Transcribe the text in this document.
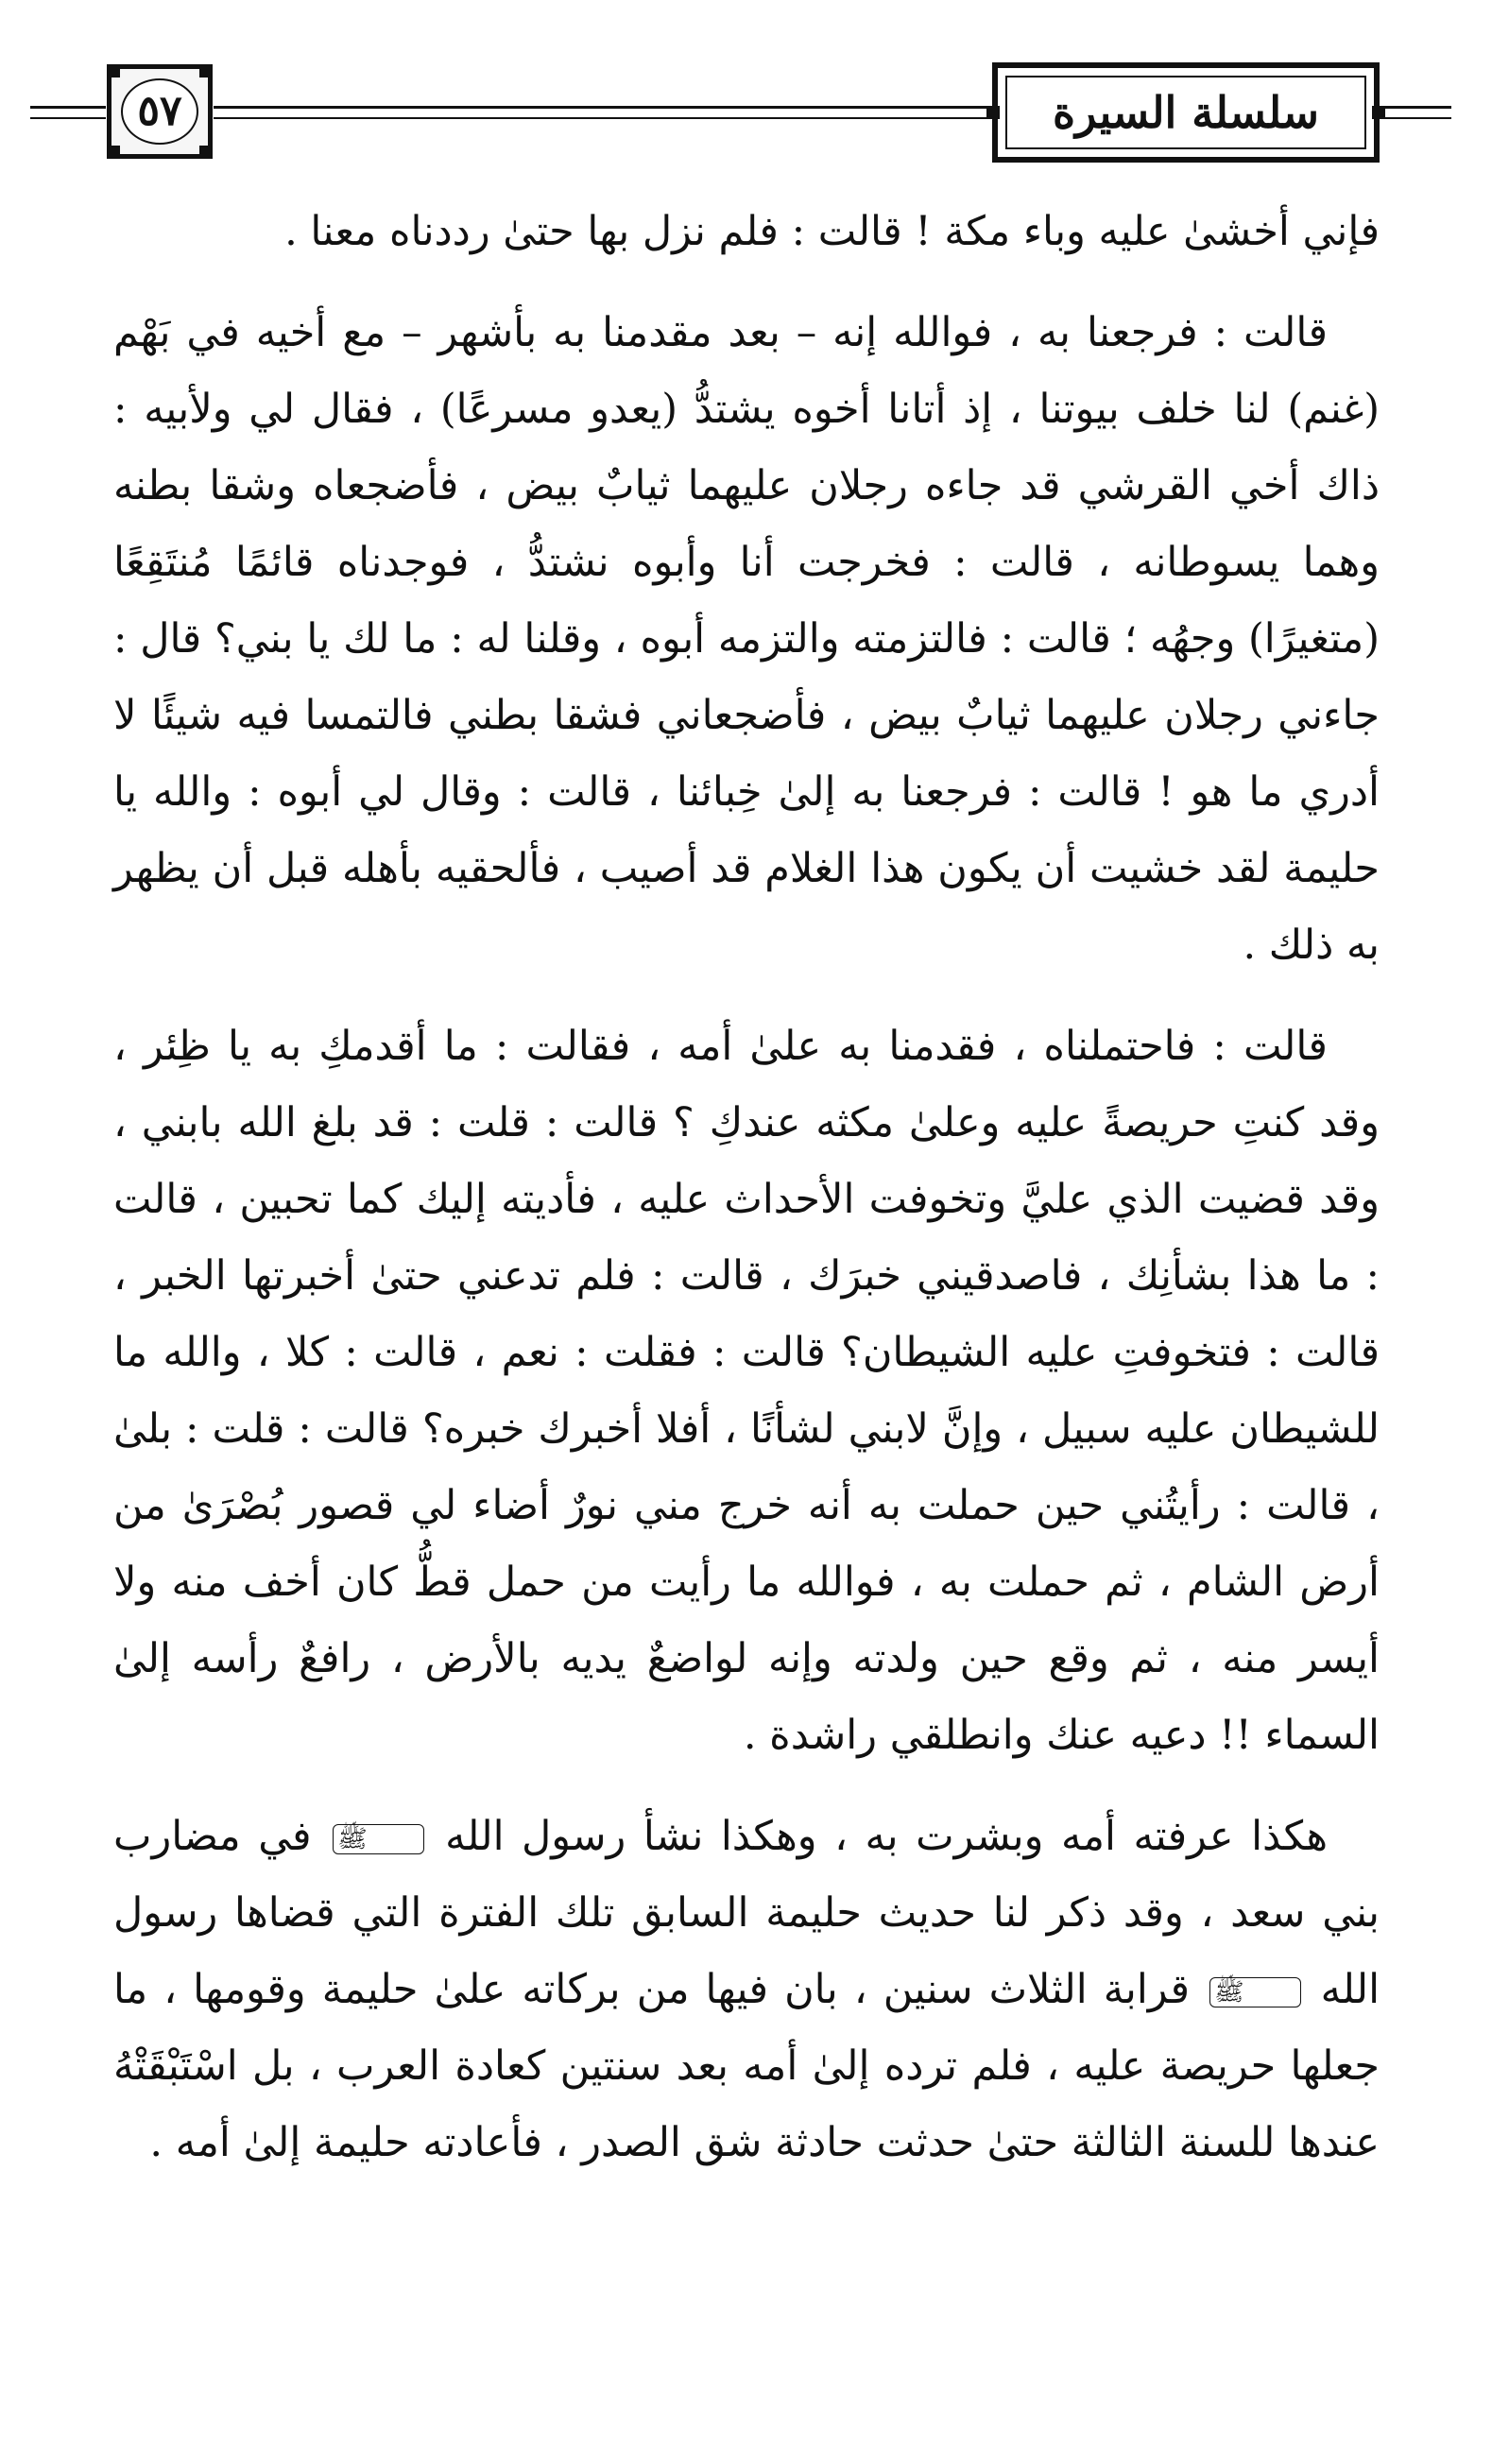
٥٧	سلسلة السيرة

فإني أخشىٰ عليه وباء مكة ! قالت : فلم نزل بها حتىٰ رددناه معنا .

قالت : فرجعنا به ، فوالله إنه – بعد مقدمنا به بأشهر – مع أخيه في بَهْم (غنم) لنا خلف بيوتنا ، إذ أتانا أخوه يشتدُّ (يعدو مسرعًا) ، فقال لي ولأبيه : ذاك أخي القرشي قد جاءه رجلان عليهما ثيابٌ بيض ، فأضجعاه وشقا بطنه وهما يسوطانه ، قالت : فخرجت أنا وأبوه نشتدُّ ، فوجدناه قائمًا مُنتَقِعًا (متغيرًا) وجهُه ؛ قالت : فالتزمته والتزمه أبوه ، وقلنا له : ما لك يا بني؟ قال : جاءني رجلان عليهما ثيابٌ بيض ، فأضجعاني فشقا بطني فالتمسا فيه شيئًا لا أدري ما هو ! قالت : فرجعنا به إلىٰ خِبائنا ، قالت : وقال لي أبوه : والله يا حليمة لقد خشيت أن يكون هذا الغلام قد أصيب ، فألحقيه بأهله قبل أن يظهر به ذلك .

قالت : فاحتملناه ، فقدمنا به علىٰ أمه ، فقالت : ما أقدمكِ به يا ظِئر ، وقد كنتِ حريصةً عليه وعلىٰ مكثه عندكِ ؟ قالت : قلت : قد بلغ الله بابني ، وقد قضيت الذي عليَّ وتخوفت الأحداث عليه ، فأديته إليك كما تحبين ، قالت : ما هذا بشأنِك ، فاصدقيني خبرَك ، قالت : فلم تدعني حتىٰ أخبرتها الخبر ، قالت : فتخوفتِ عليه الشيطان؟ قالت : فقلت : نعم ، قالت : كلا ، والله ما للشيطان عليه سبيل ، وإنَّ لابني لشأنًا ، أفلا أخبرك خبره؟ قالت : قلت : بلىٰ ، قالت : رأيتُني حين حملت به أنه خرج مني نورٌ أضاء لي قصور بُصْرَىٰ من أرض الشام ، ثم حملت به ، فوالله ما رأيت من حمل قطُّ كان أخف منه ولا أيسر منه ، ثم وقع حين ولدته وإنه لواضعٌ يديه بالأرض ، رافعٌ رأسه إلىٰ السماء !! دعيه عنك وانطلقي راشدة .

هكذا عرفته أمه وبشرت به ، وهكذا نشأ رسول الله ﷺ في مضارب بني سعد ، وقد ذكر لنا حديث حليمة السابق تلك الفترة التي قضاها رسول الله ﷺ قرابة الثلاث سنين ، بان فيها من بركاته علىٰ حليمة وقومها ، ما جعلها حريصة عليه ، فلم ترده إلىٰ أمه بعد سنتين كعادة العرب ، بل اسْتَبْقَتْهُ عندها للسنة الثالثة حتىٰ حدثت حادثة شق الصدر ، فأعادته حليمة إلىٰ أمه .
